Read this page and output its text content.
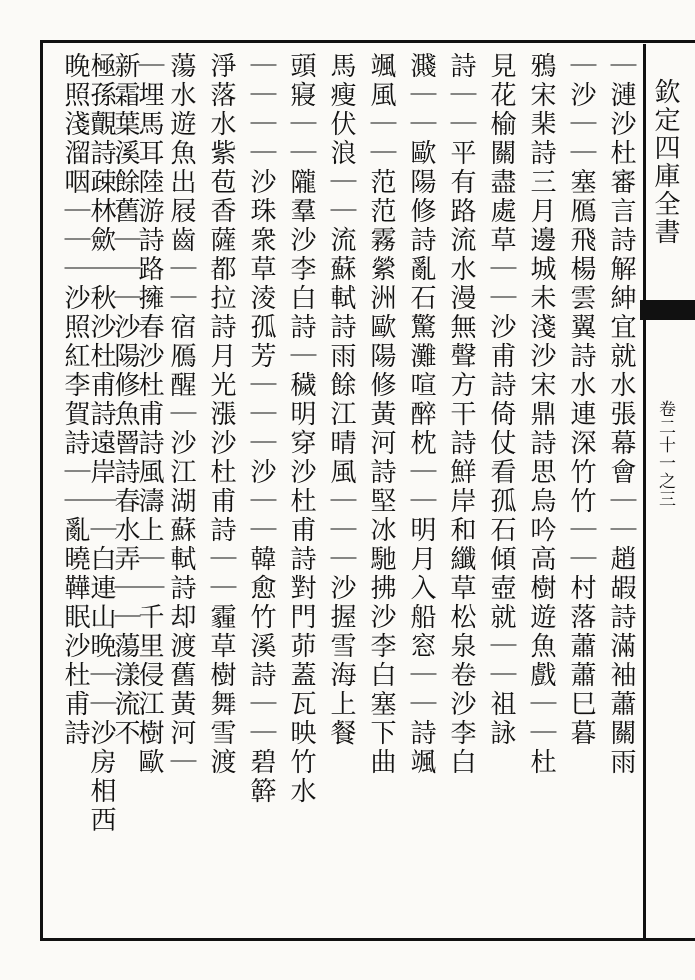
欽定四庫全書
卷二十一之三
｜漣沙杜審言詩解紳宜就水張幕會｜｜趙嘏詩滿袖蕭關雨
｜沙｜｜塞鴈飛楊雲翼詩水連深竹竹｜｜村落蕭蕭巳暮
鴉宋棐詩三月邊城未淺沙宋鼎詩思烏吟高樹遊魚戲｜｜杜
見花榆關盡處草｜｜沙甫詩倚仗看孤石傾壺就｜｜祖詠
詩｜｜平有路流水漫無聲方干詩鮮岸和纖草松泉卷沙李白
濺｜｜歐陽修詩亂石驚灘喧醉枕｜｜明月入船窓｜｜詩颯
颯風｜｜范范霧縈洲歐陽修黃河詩堅冰馳拂沙李白塞下曲
馬瘦伏浪｜｜流蘇軾詩雨餘江晴風｜｜｜沙握雪海上餐
頭寢｜｜隴羣沙李白詩｜穢明穿沙杜甫詩對門茆蓋瓦映竹水
｜｜｜｜沙珠衆草淩孤芳｜｜｜沙｜｜韓愈竹溪詩｜｜碧簳
淨落水紫苞香薩都拉詩月光漲沙杜甫詩｜｜霾草樹舞雪渡
蕩水遊魚出屐齒｜｜宿鴈醒｜沙江湖蘇軾詩却渡舊黃河｜
｜埋馬耳陸游詩路擁春沙杜甫詩風濤上｜｜千里侵江樹歐
新霜葉溪餘舊｜｜｜沙陽修魚罾詩春水弄｜｜蕩漾流不
極孫覿詩疎林歛｜秋沙杜甫詩遠岸｜｜白連山晚｜｜沙房相西
晚照淺溜咽｜｜｜沙照紅李賀詩｜｜亂曉鞾眠沙杜甫詩
